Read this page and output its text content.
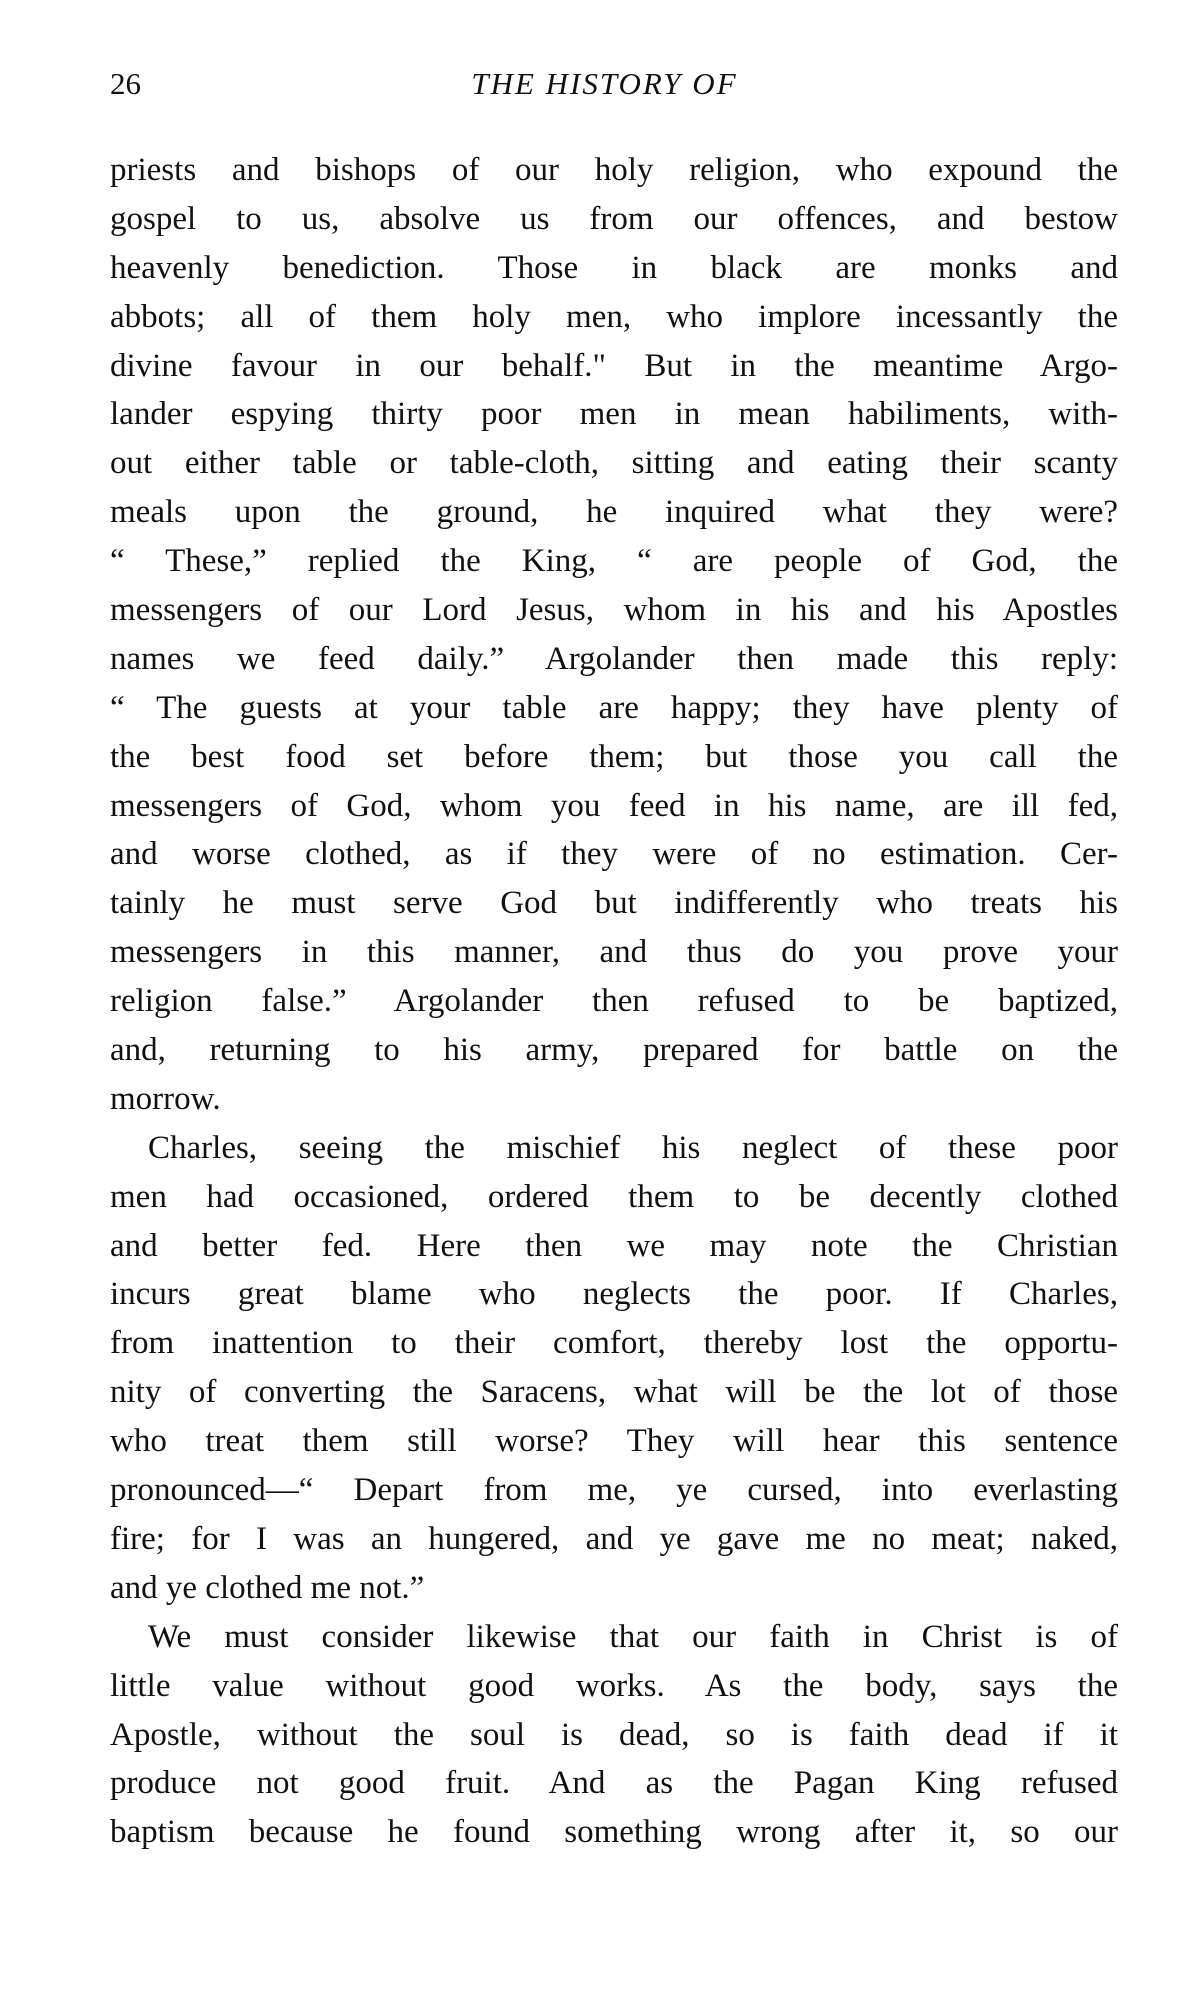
26	THE HISTORY OF
priests and bishops of our holy religion, who expound the
gospel to us, absolve us from our offences, and bestow
heavenly benediction. Those in black are monks and
abbots; all of them holy men, who implore incessantly the
divine favour in our behalf." But in the meantime Argo-
lander espying thirty poor men in mean habiliments, with-
out either table or table-cloth, sitting and eating their scanty
meals upon the ground, he inquired what they were?
“ These,” replied the King, “ are people of God, the
messengers of our Lord Jesus, whom in his and his Apostles
names we feed daily.” Argolander then made this reply:
“ The guests at your table are happy; they have plenty of
the best food set before them; but those you call the
messengers of God, whom you feed in his name, are ill fed,
and worse clothed, as if they were of no estimation. Cer-
tainly he must serve God but indifferently who treats his
messengers in this manner, and thus do you prove your
religion false.” Argolander then refused to be baptized,
and, returning to his army, prepared for battle on the
morrow.
Charles, seeing the mischief his neglect of these poor
men had occasioned, ordered them to be decently clothed
and better fed. Here then we may note the Christian
incurs great blame who neglects the poor. If Charles,
from inattention to their comfort, thereby lost the opportu-
nity of converting the Saracens, what will be the lot of those
who treat them still worse? They will hear this sentence
pronounced—“ Depart from me, ye cursed, into everlasting
fire; for I was an hungered, and ye gave me no meat; naked,
and ye clothed me not.”
We must consider likewise that our faith in Christ is of
little value without good works. As the body, says the
Apostle, without the soul is dead, so is faith dead if it
produce not good fruit. And as the Pagan King refused
baptism because he found something wrong after it, so our
